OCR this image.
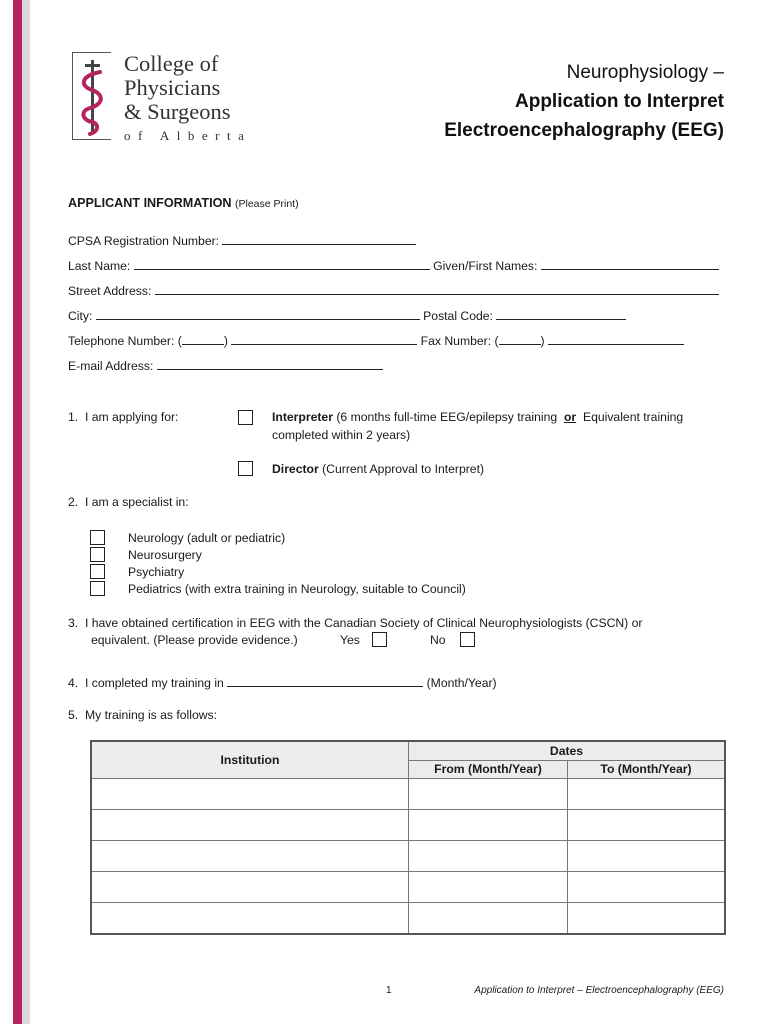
College of
Physicians
& Surgeons
of Alberta
Neurophysiology –
Application to Interpret
Electroencephalography (EEG)
APPLICANT INFORMATION (Please Print)
CPSA Registration Number:
Last Name:	Given/First Names:
Street Address:
City:	Postal Code:
Telephone Number: (	)	Fax Number: (	)
E-mail Address:
1. I am applying for:	Interpreter (6 months full-time EEG/epilepsy training or Equivalent training
completed within 2 years)
Director (Current Approval to Interpret)
2. I am a specialist in:
Neurology (adult or pediatric)
Neurosurgery
Psychiatry
Pediatrics (with extra training in Neurology, suitable to Council)
3. I have obtained certification in EEG with the Canadian Society of Clinical Neurophysiologists (CSCN) or
equivalent. (Please provide evidence.)	Yes	No
4. I completed my training in	(Month/Year)
5. My training is as follows:
Institution	Dates	
	From (Month/Year)	To (Month/Year)

1	Application to Interpret – Electroencephalography (EEG)
